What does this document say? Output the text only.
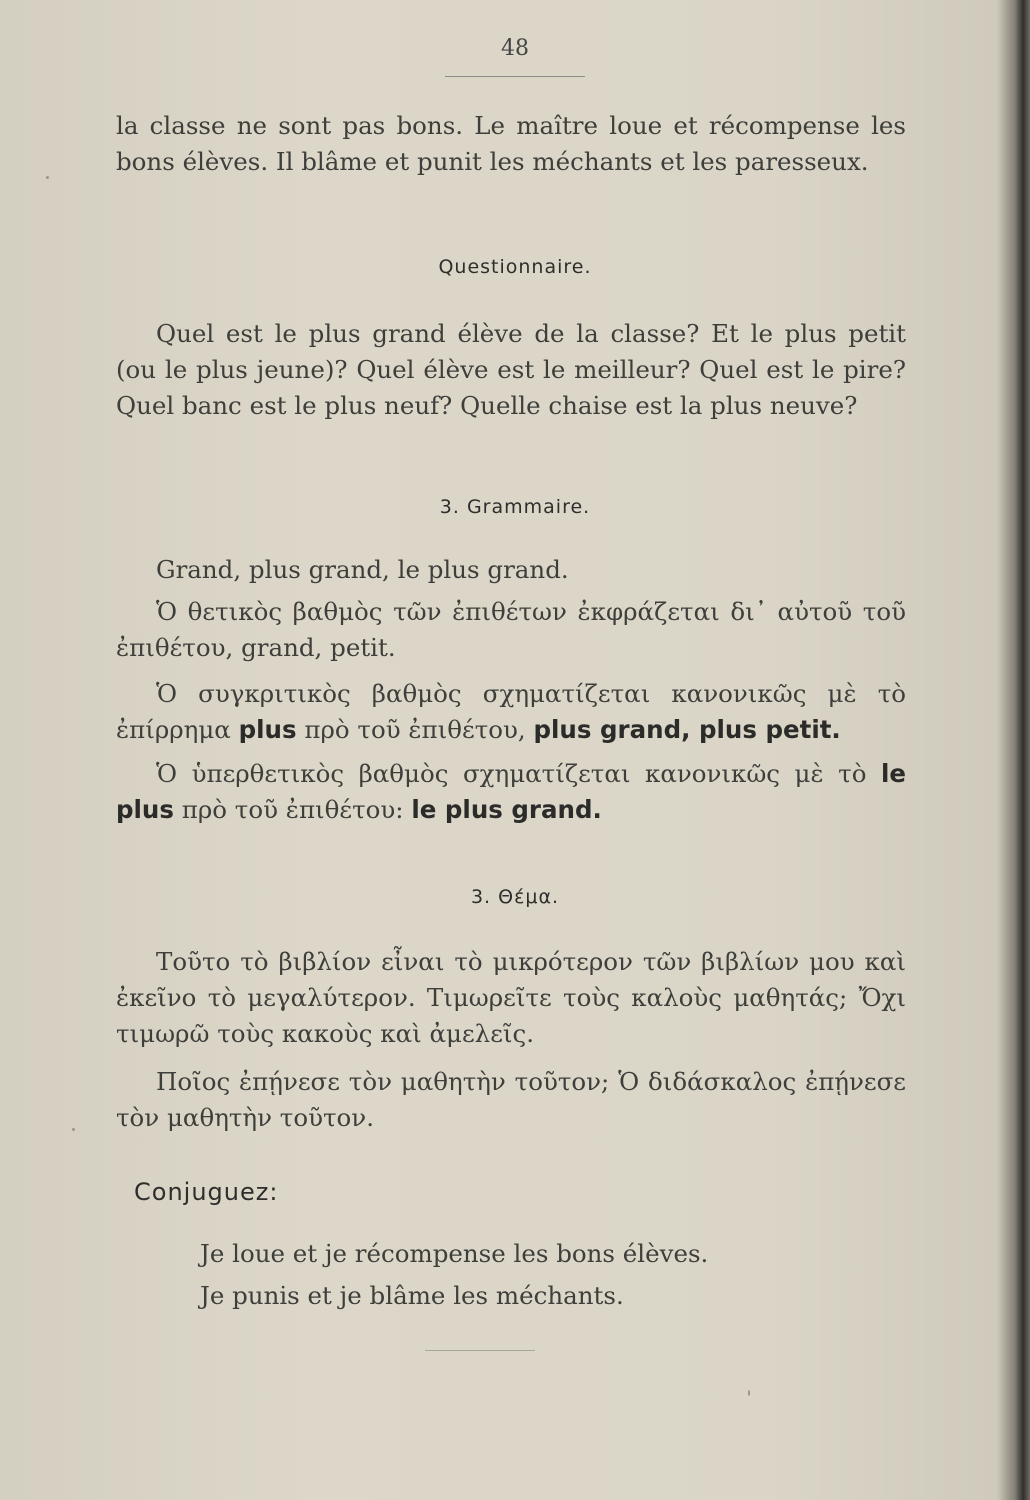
48

la classe ne sont pas bons. Le maître loue et récompense les bons élèves. Il blâme et punit les méchants et les paresseux.

Questionnaire.

Quel est le plus grand élève de la classe? Et le plus petit (ou le plus jeune)? Quel élève est le meilleur? Quel est le pire? Quel banc est le plus neuf? Quelle chaise est la plus neuve?

3. Grammaire.

Grand, plus grand, le plus grand.

Ὁ θετικὸς βαθμὸς τῶν ἐπιθέτων ἐκφράζεται δι᾽ αὐτοῦ τοῦ ἐπιθέτου, grand, petit.

Ὁ συγκριτικὸς βαθμὸς σχηματίζεται κανονικῶς μὲ τὸ ἐπίρρημα plus πρὸ τοῦ ἐπιθέτου, plus grand, plus petit.

Ὁ ὑπερθετικὸς βαθμὸς σχηματίζεται κανονικῶς μὲ τὸ le plus πρὸ τοῦ ἐπιθέτου: le plus grand.

3. Θέμα.

Τοῦτο τὸ βιβλίον εἶναι τὸ μικρότερον τῶν βιβλίων μου καὶ ἐκεῖνο τὸ μεγαλύτερον. Τιμωρεῖτε τοὺς καλοὺς μαθητάς; Ὄχι τιμωρῶ τοὺς κακοὺς καὶ ἀμελεῖς.

Ποῖος ἐπῄνεσε τὸν μαθητὴν τοῦτον; Ὁ διδάσκαλος ἐπῄνεσε τὸν μαθητὴν τοῦτον.

Conjuguez:
Je loue et je récompense les bons élèves.
Je punis et je blâme les méchants.
